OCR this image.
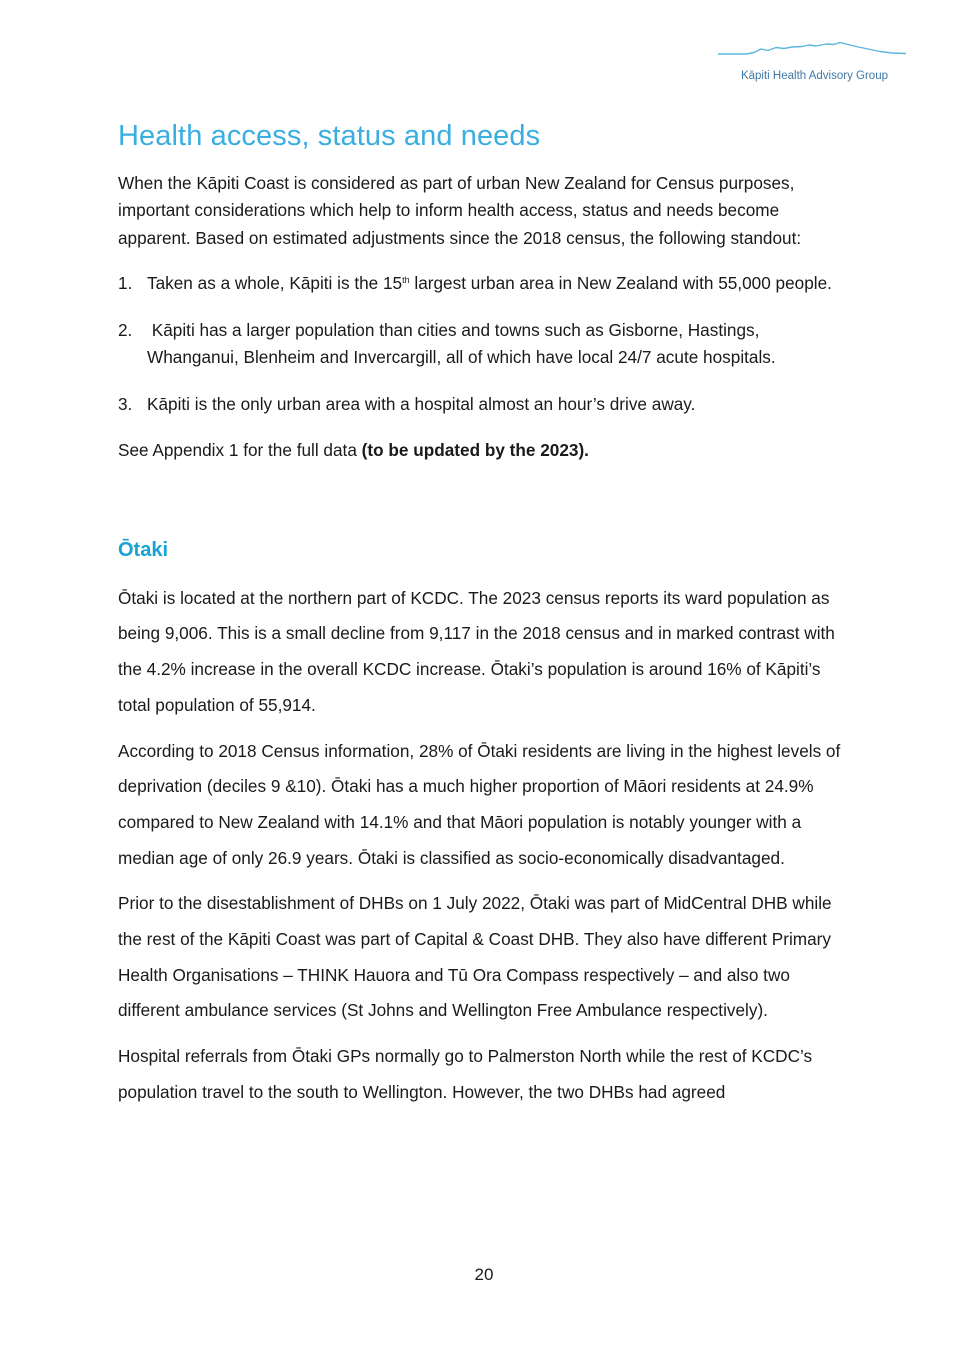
Kāpiti Health Advisory Group
Health access, status and needs

When the Kāpiti Coast is considered as part of urban New Zealand for Census purposes, important considerations which help to inform health access, status and needs become apparent. Based on estimated adjustments since the 2018 census, the following standout:

1. Taken as a whole, Kāpiti is the 15th largest urban area in New Zealand with 55,000 people.
2. Kāpiti has a larger population than cities and towns such as Gisborne, Hastings, Whanganui, Blenheim and Invercargill, all of which have local 24/7 acute hospitals.
3. Kāpiti is the only urban area with a hospital almost an hour’s drive away.

See Appendix 1 for the full data (to be updated by the 2023).

Ōtaki

Ōtaki is located at the northern part of KCDC. The 2023 census reports its ward population as being 9,006. This is a small decline from 9,117 in the 2018 census and in marked contrast with the 4.2% increase in the overall KCDC increase. Ōtaki’s population is around 16% of Kāpiti’s total population of 55,914.

According to 2018 Census information, 28% of Ōtaki residents are living in the highest levels of deprivation (deciles 9 &10). Ōtaki has a much higher proportion of Māori residents at 24.9% compared to New Zealand with 14.1% and that Māori population is notably younger with a median age of only 26.9 years. Ōtaki is classified as socio-economically disadvantaged.

Prior to the disestablishment of DHBs on 1 July 2022, Ōtaki was part of MidCentral DHB while the rest of the Kāpiti Coast was part of Capital & Coast DHB. They also have different Primary Health Organisations – THINK Hauora and Tū Ora Compass respectively – and also two different ambulance services (St Johns and Wellington Free Ambulance respectively).

Hospital referrals from Ōtaki GPs normally go to Palmerston North while the rest of KCDC’s population travel to the south to Wellington. However, the two DHBs had agreed

20
